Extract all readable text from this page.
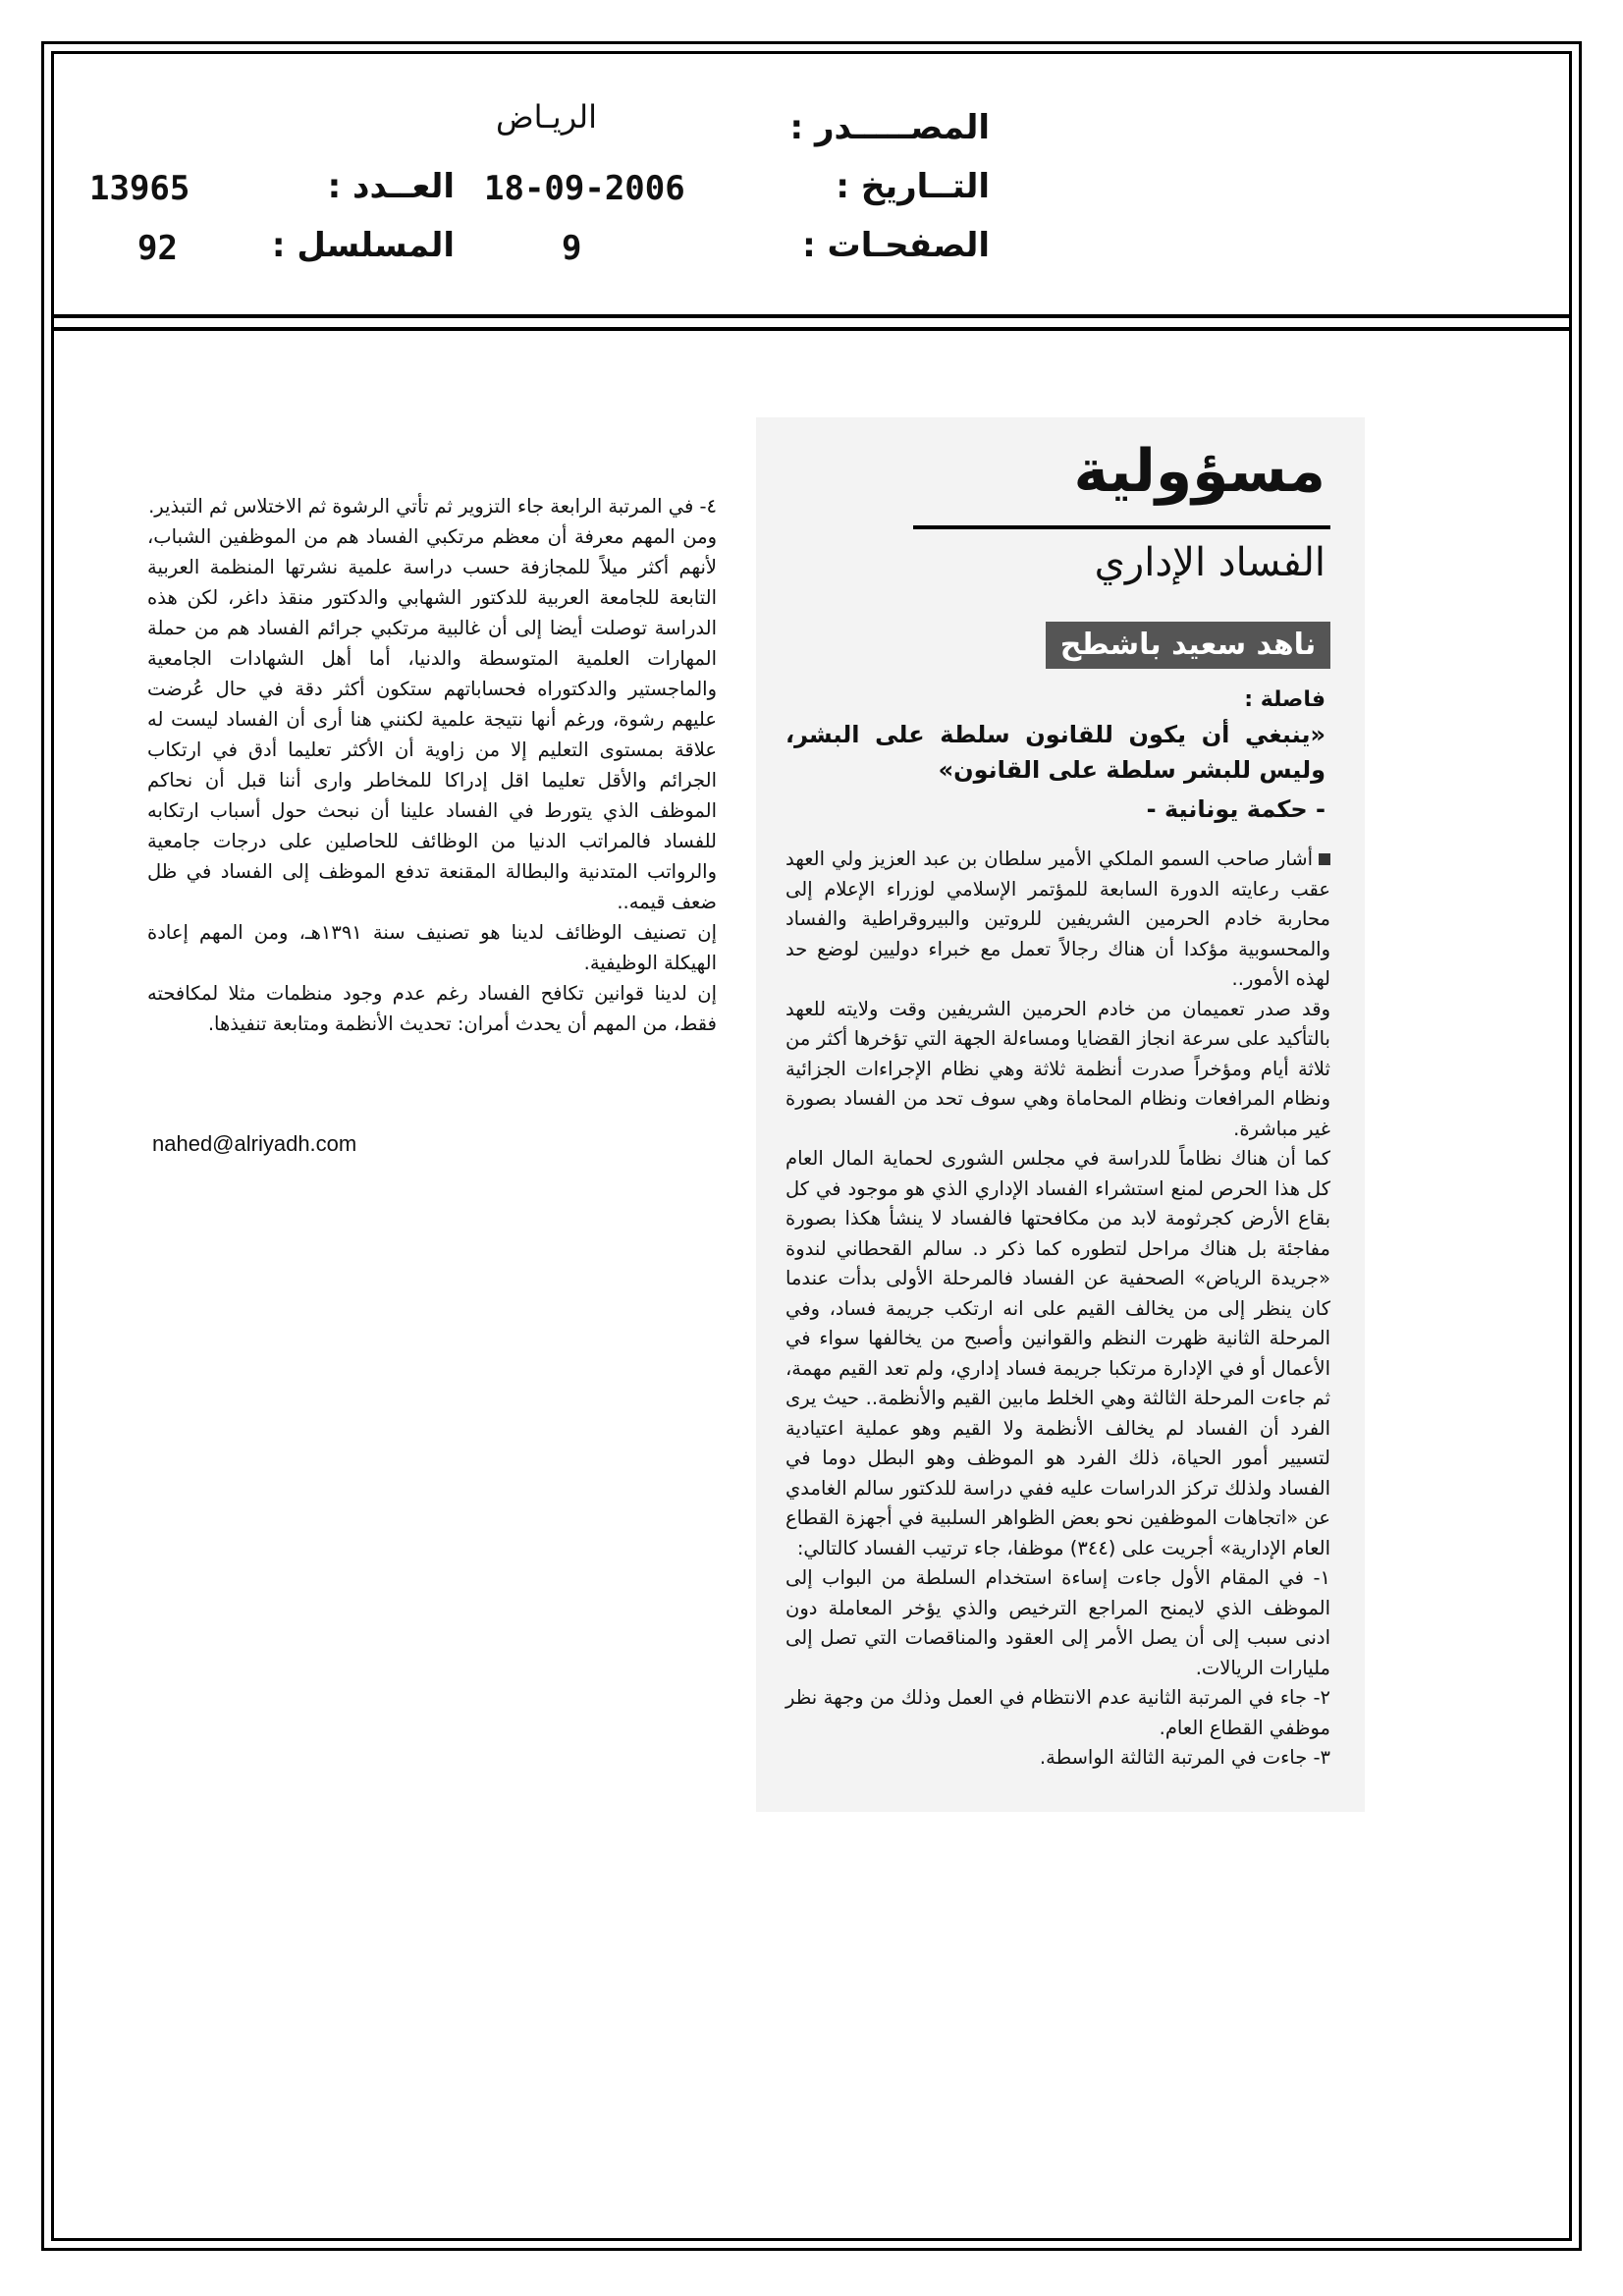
المصـــــدر :
الريـاض
التــاريخ :
18-09-2006
العــدد :
13965
الصفحـات :
9
المسلسل :
92
مسؤولية
الفساد الإداري
ناهد سعيد باشطح
فاصلة :
«ينبغي أن يكون للقانون سلطة على البشر، وليس للبشر سلطة على القانون»
- حكمة يونانية -

أشار صاحب السمو الملكي الأمير سلطان بن عبد العزيز ولي العهد عقب رعايته الدورة السابعة للمؤتمر الإسلامي لوزراء الإعلام إلى محاربة خادم الحرمين الشريفين للروتين والبيروقراطية والفساد والمحسوبية مؤكدا أن هناك رجالاً تعمل مع خبراء دوليين لوضع حد لهذه الأمور..

وقد صدر تعميمان من خادم الحرمين الشريفين وقت ولايته للعهد بالتأكيد على سرعة انجاز القضايا ومساءلة الجهة التي تؤخرها أكثر من ثلاثة أيام ومؤخراً صدرت أنظمة ثلاثة وهي نظام الإجراءات الجزائية ونظام المرافعات ونظام المحاماة وهي سوف تحد من الفساد بصورة غير مباشرة.

كما أن هناك نظاماً للدراسة في مجلس الشورى لحماية المال العام كل هذا الحرص لمنع استشراء الفساد الإداري الذي هو موجود في كل بقاع الأرض كجرثومة لابد من مكافحتها فالفساد لا ينشأ هكذا بصورة مفاجئة بل هناك مراحل لتطوره كما ذكر د. سالم القحطاني لندوة «جريدة الرياض» الصحفية عن الفساد فالمرحلة الأولى بدأت عندما كان ينظر إلى من يخالف القيم على انه ارتكب جريمة فساد، وفي المرحلة الثانية ظهرت النظم والقوانين وأصبح من يخالفها سواء في الأعمال أو في الإدارة مرتكبا جريمة فساد إداري، ولم تعد القيم مهمة، ثم جاءت المرحلة الثالثة وهي الخلط مابين القيم والأنظمة.. حيث يرى الفرد أن الفساد لم يخالف الأنظمة ولا القيم وهو عملية اعتيادية لتسيير أمور الحياة، ذلك الفرد هو الموظف وهو البطل دوما في الفساد ولذلك تركز الدراسات عليه ففي دراسة للدكتور سالم الغامدي عن «اتجاهات الموظفين نحو بعض الظواهر السلبية في أجهزة القطاع العام الإدارية» أجريت على (٣٤٤) موظفا، جاء ترتيب الفساد كالتالي:

١- في المقام الأول جاءت إساءة استخدام السلطة من البواب إلى الموظف الذي لايمنح المراجع الترخيص والذي يؤخر المعاملة دون ادنى سبب إلى أن يصل الأمر إلى العقود والمناقصات التي تصل إلى مليارات الريالات.

٢- جاء في المرتبة الثانية عدم الانتظام في العمل وذلك من وجهة نظر موظفي القطاع العام.

٣- جاءت في المرتبة الثالثة الواسطة.

٤- في المرتبة الرابعة جاء التزوير ثم تأتي الرشوة ثم الاختلاس ثم التبذير.

ومن المهم معرفة أن معظم مرتكبي الفساد هم من الموظفين الشباب، لأنهم أكثر ميلاً للمجازفة حسب دراسة علمية نشرتها المنظمة العربية التابعة للجامعة العربية للدكتور الشهابي والدكتور منقذ داغر، لكن هذه الدراسة توصلت أيضا إلى أن غالبية مرتكبي جرائم الفساد هم من حملة المهارات العلمية المتوسطة والدنيا، أما أهل الشهادات الجامعية والماجستير والدكتوراه فحساباتهم ستكون أكثر دقة في حال عُرضت عليهم رشوة، ورغم أنها نتيجة علمية لكنني هنا أرى أن الفساد ليست له علاقة بمستوى التعليم إلا من زاوية أن الأكثر تعليما أدق في ارتكاب الجرائم والأقل تعليما اقل إدراكا للمخاطر وارى أننا قبل أن نحاكم الموظف الذي يتورط في الفساد علينا أن نبحث حول أسباب ارتكابه للفساد فالمراتب الدنيا من الوظائف للحاصلين على درجات جامعية والرواتب المتدنية والبطالة المقنعة تدفع الموظف إلى الفساد في ظل ضعف قيمه..

إن تصنيف الوظائف لدينا هو تصنيف سنة ١٣٩١هـ، ومن المهم إعادة الهيكلة الوظيفية.

إن لدينا قوانين تكافح الفساد رغم عدم وجود منظمات مثلا لمكافحته فقط، من المهم أن يحدث أمران: تحديث الأنظمة ومتابعة تنفيذها.

nahed@alriyadh.com
